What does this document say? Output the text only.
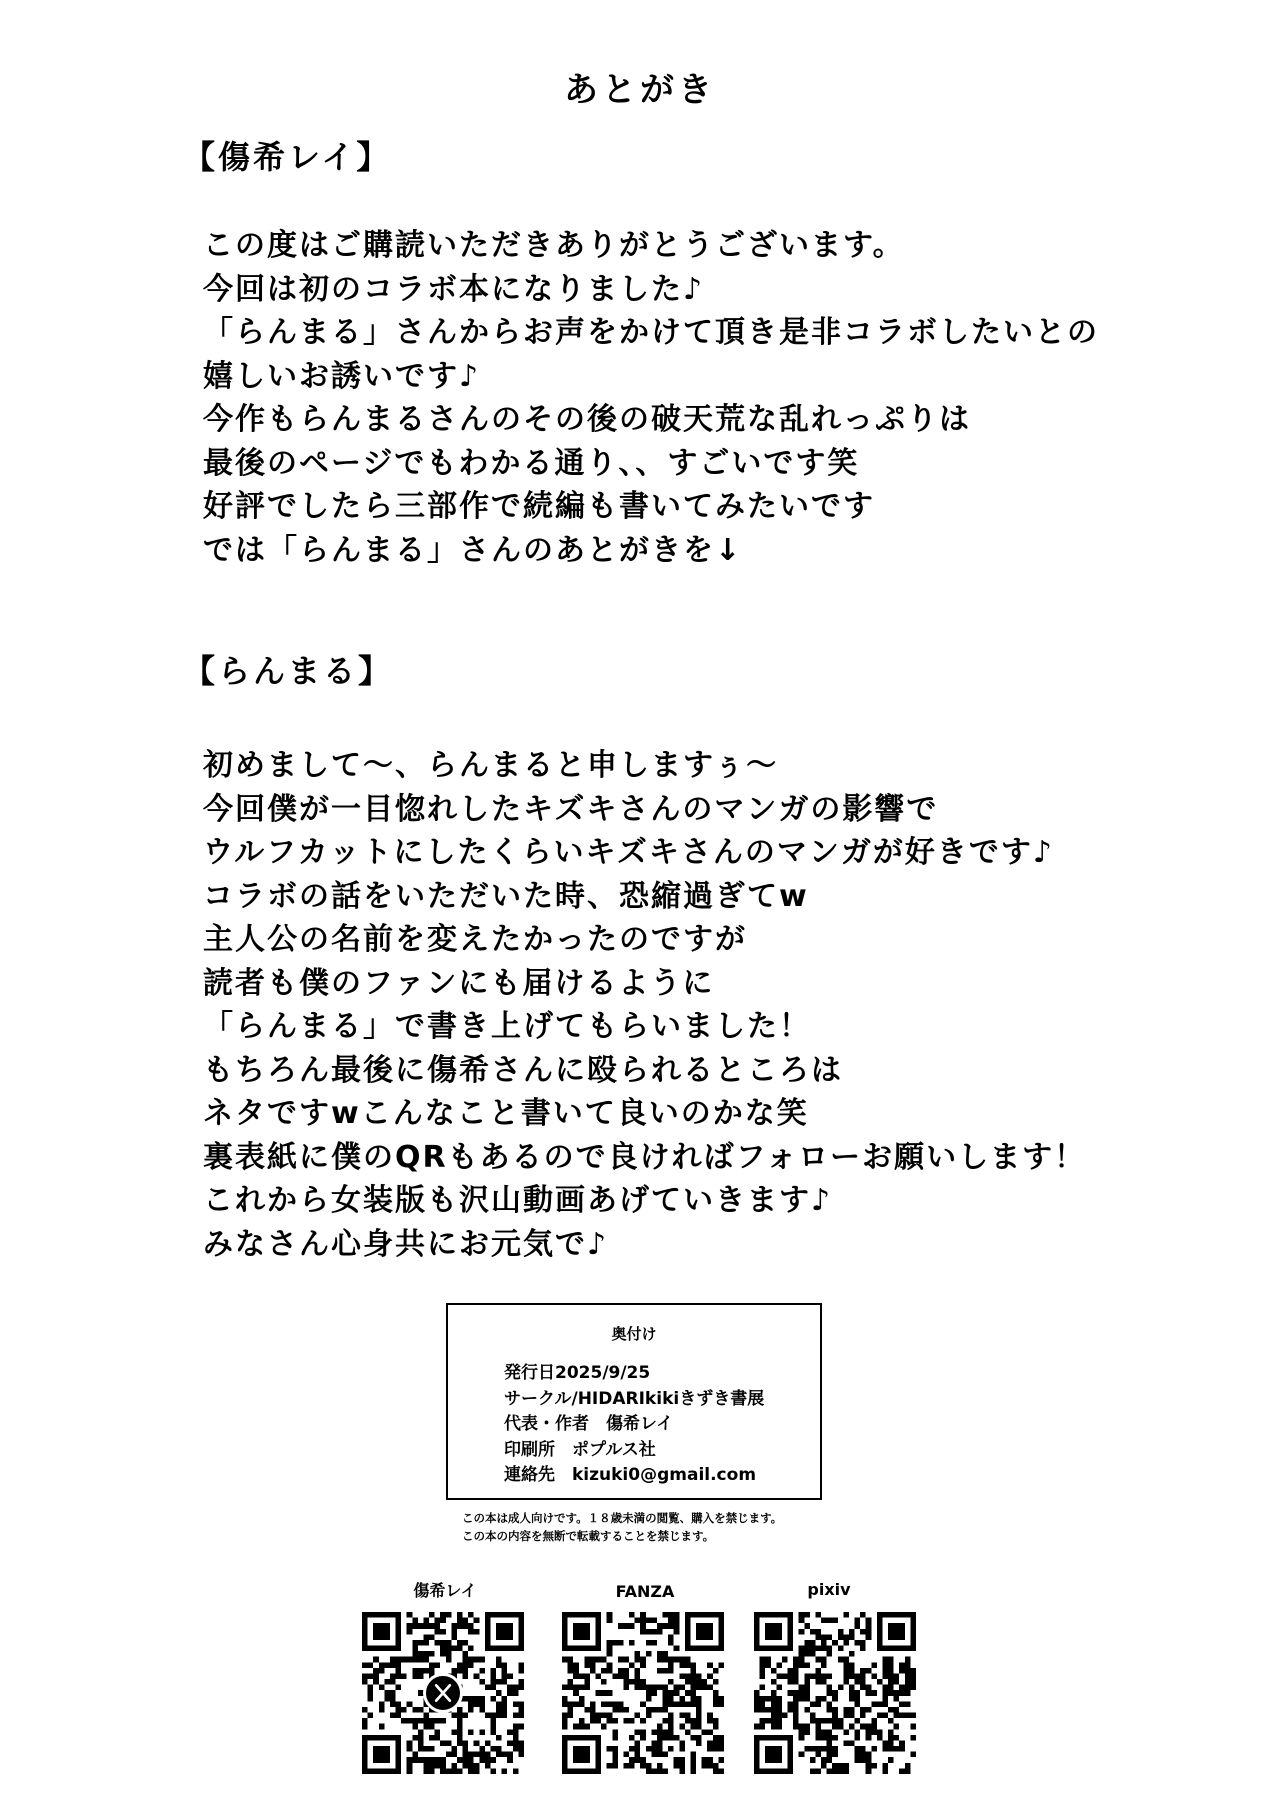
あとがき
【傷希レイ】
この度はご購読いただきありがとうございます。
今回は初のコラボ本になりました♪
「らんまる」さんからお声をかけて頂き是非コラボしたいとの
嬉しいお誘いです♪
今作もらんまるさんのその後の破天荒な乱れっぷりは
最後のページでもわかる通り、、すごいです笑
好評でしたら三部作で続編も書いてみたいです
では「らんまる」さんのあとがきを↓
【らんまる】
初めまして〜、らんまると申しますぅ〜
今回僕が一目惚れしたキズキさんのマンガの影響で
ウルフカットにしたくらいキズキさんのマンガが好きです♪
コラボの話をいただいた時、恐縮過ぎてw
主人公の名前を変えたかったのですが
読者も僕のファンにも届けるように
「らんまる」で書き上げてもらいました！
もちろん最後に傷希さんに殴られるところは
ネタですwこんなこと書いて良いのかな笑
裏表紙に僕のQRもあるので良ければフォローお願いします！
これから女装版も沢山動画あげていきます♪
みなさん心身共にお元気で♪
奥付け
発行日2025/9/25
サークル/HIDARIkikiきずき書展
代表・作者　傷希レイ
印刷所　ポプルス社
連絡先　kizuki0@gmail.com
この本は成人向けです。１８歳未満の閲覧、購入を禁じます。
この本の内容を無断で転載することを禁じます。
傷希レイ	FANZA	pixiv
